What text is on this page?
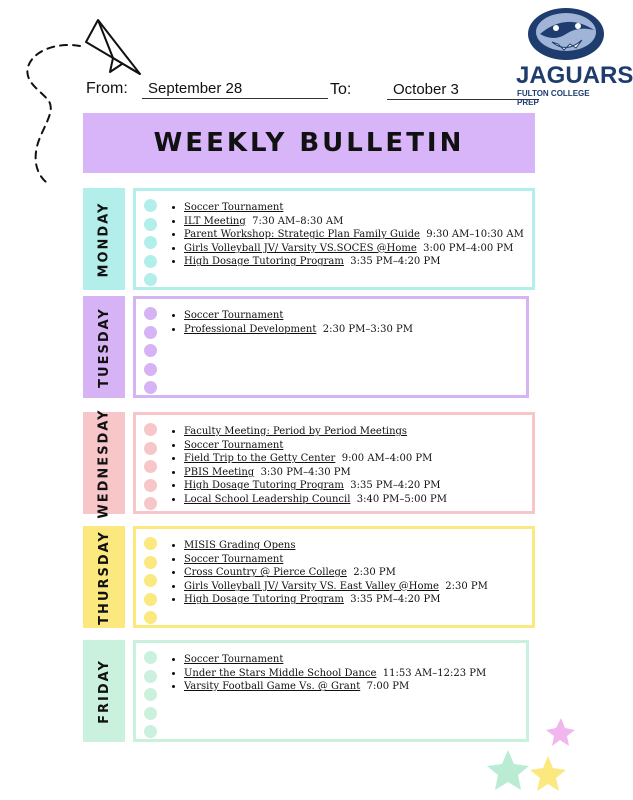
From:	September 28	To:	October 3
JAGUARS
FULTON COLLEGE PREP
WEEKLY BULLETIN
MONDAY	• Soccer Tournament
• ILT Meeting 7:30 AM–8:30 AM
• Parent Workshop: Strategic Plan Family Guide 9:30 AM–10:30 AM
• Girls Volleyball JV/ Varsity VS.SOCES @Home 3:00 PM–4:00 PM
• High Dosage Tutoring Program 3:35 PM–4:20 PM
TUESDAY	• Soccer Tournament
• Professional Development 2:30 PM–3:30 PM
WEDNESDAY	• Faculty Meeting: Period by Period Meetings
• Soccer Tournament
• Field Trip to the Getty Center 9:00 AM–4:00 PM
• PBIS Meeting 3:30 PM–4:30 PM
• High Dosage Tutoring Program 3:35 PM–4:20 PM
• Local School Leadership Council 3:40 PM–5:00 PM
THURSDAY	• MISIS Grading Opens
• Soccer Tournament
• Cross Country @ Pierce College 2:30 PM
• Girls Volleyball JV/ Varsity VS. East Valley @Home 2:30 PM
• High Dosage Tutoring Program 3:35 PM–4:20 PM
FRIDAY	• Soccer Tournament
• Under the Stars Middle School Dance 11:53 AM–12:23 PM
• Varsity Football Game Vs. @ Grant 7:00 PM
